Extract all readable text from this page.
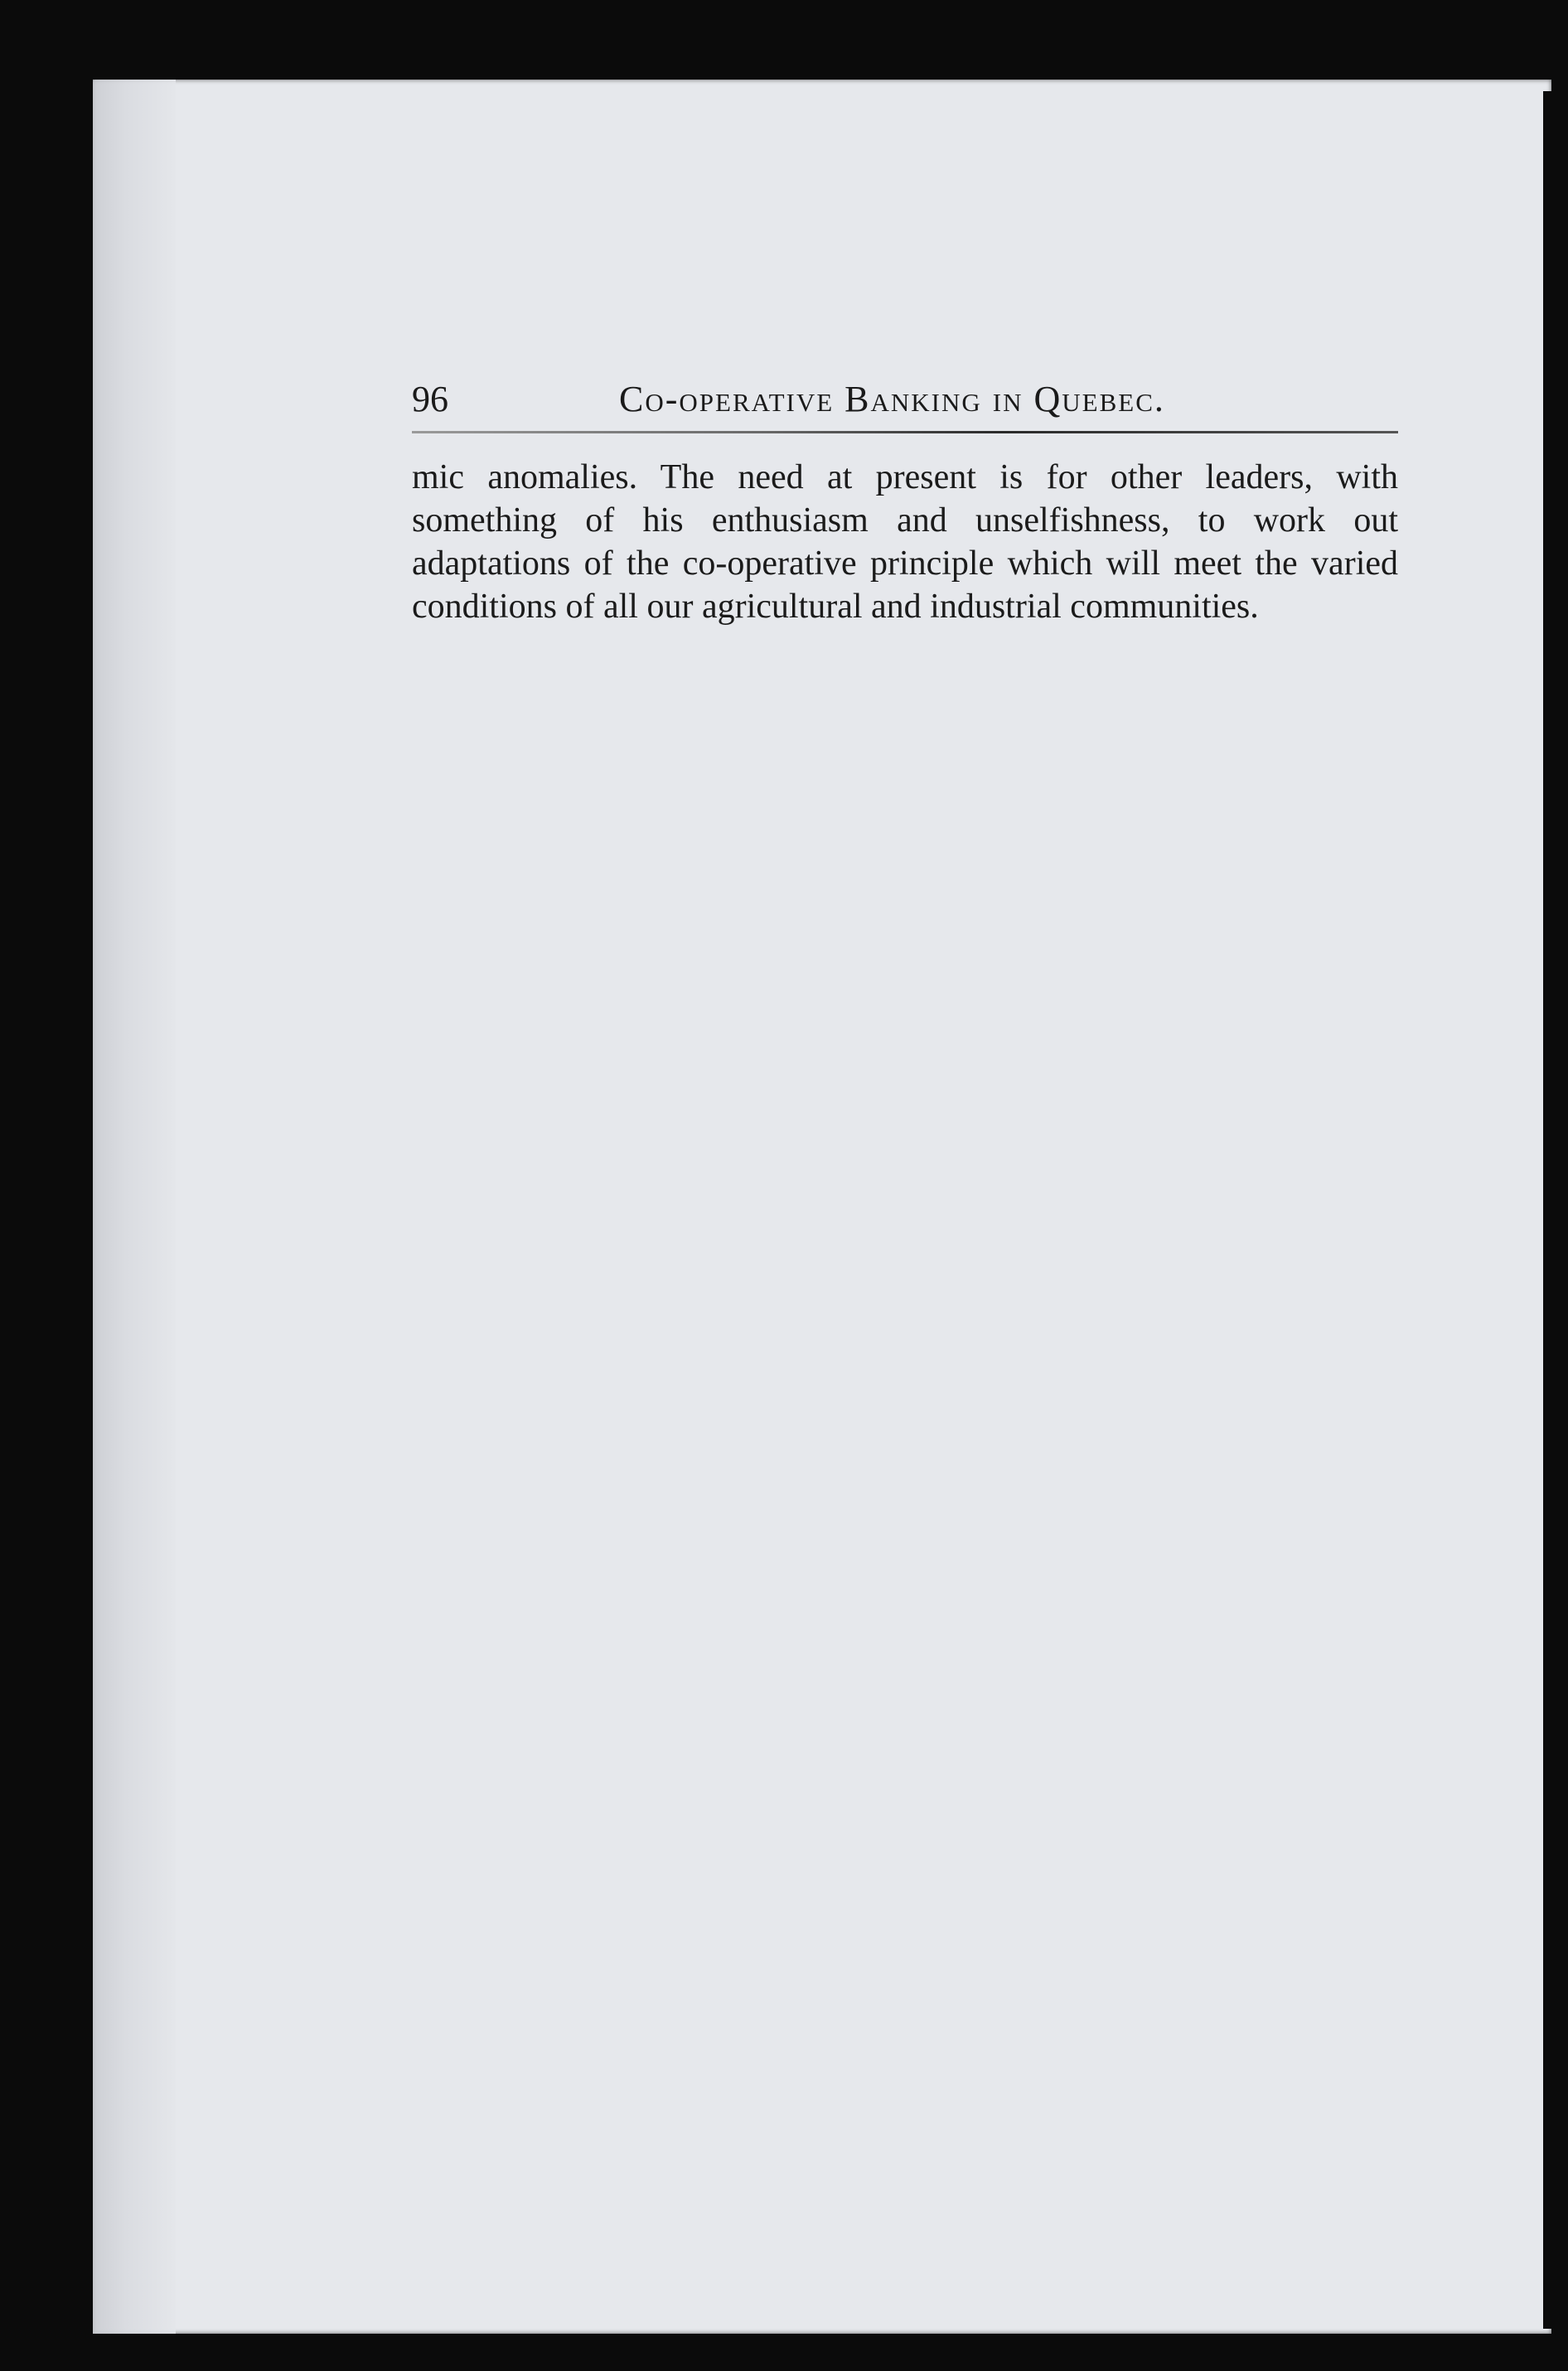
96	Co-operative Banking in Quebec.

mic anomalies. The need at present is for other leaders, with something of his enthusiasm and unselfishness, to work out adaptations of the co-operative principle which will meet the varied conditions of all our agricultural and industrial communities.
